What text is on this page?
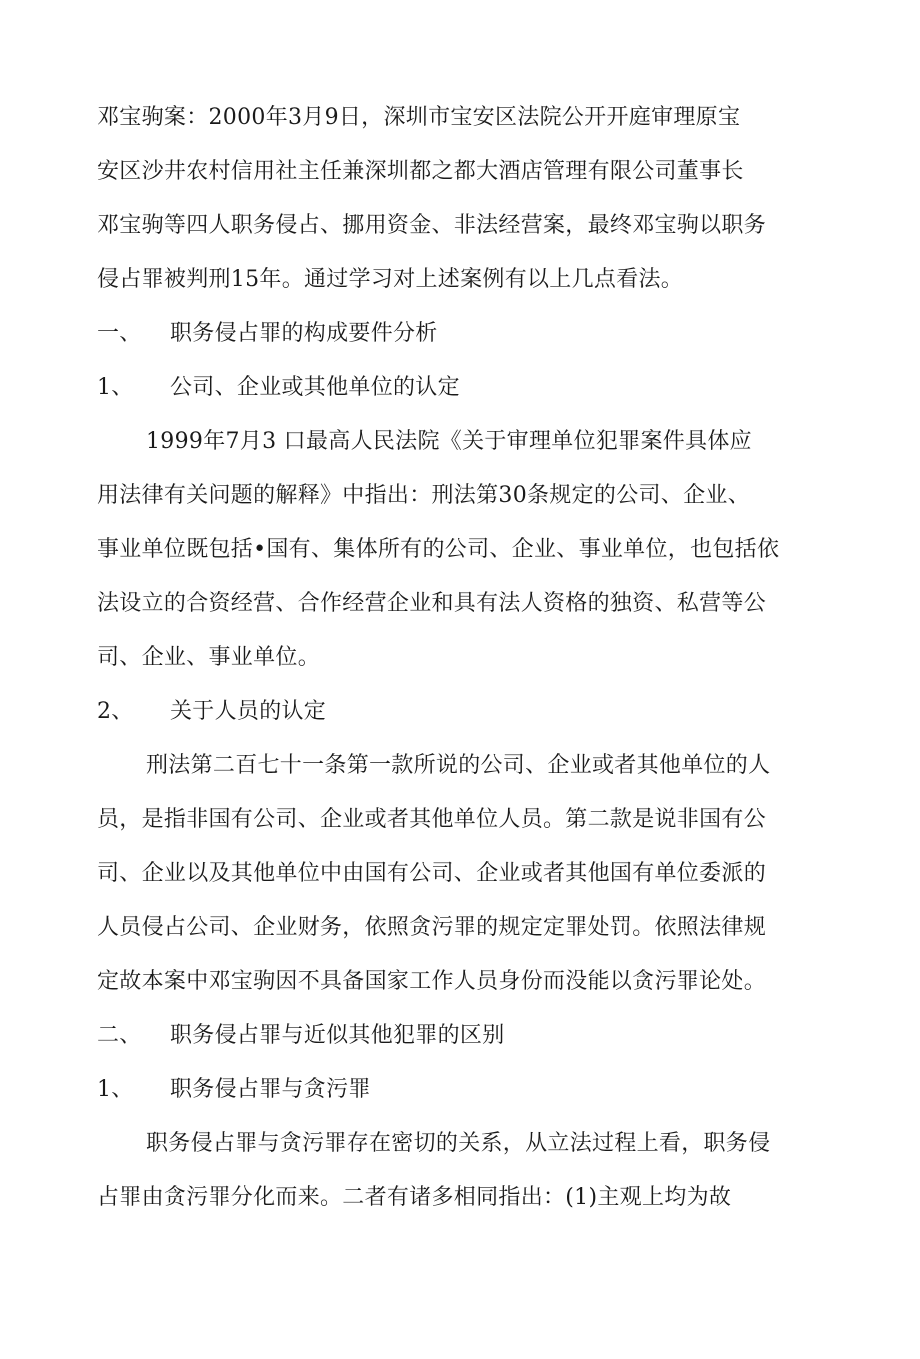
邓宝驹案：2000年3月9日，深圳市宝安区法院公开开庭审理原宝
安区沙井农村信用社主任兼深圳都之都大酒店管理有限公司董事长
邓宝驹等四人职务侵占、挪用资金、非法经营案，最终邓宝驹以职务
侵占罪被判刑15年。通过学习对上述案例有以上几点看法。
一、 职务侵占罪的构成要件分析
1、 公司、企业或其他单位的认定
1999年7月3 口最高人民法院《关于审理单位犯罪案件具体应
用法律有关问题的解释》中指出：刑法第30条规定的公司、企业、
事业单位既包括•国有、集体所有的公司、企业、事业单位，也包括依
法设立的合资经营、合作经营企业和具有法人资格的独资、私营等公
司、企业、事业单位。
2、 关于人员的认定
刑法第二百七十一条第一款所说的公司、企业或者其他单位的人
员，是指非国有公司、企业或者其他单位人员。第二款是说非国有公
司、企业以及其他单位中由国有公司、企业或者其他国有单位委派的
人员侵占公司、企业财务，依照贪污罪的规定定罪处罚。依照法律规
定故本案中邓宝驹因不具备国家工作人员身份而没能以贪污罪论处。
二、 职务侵占罪与近似其他犯罪的区别
1、 职务侵占罪与贪污罪
职务侵占罪与贪污罪存在密切的关系，从立法过程上看，职务侵
占罪由贪污罪分化而来。二者有诸多相同指出：(1)主观上均为故
